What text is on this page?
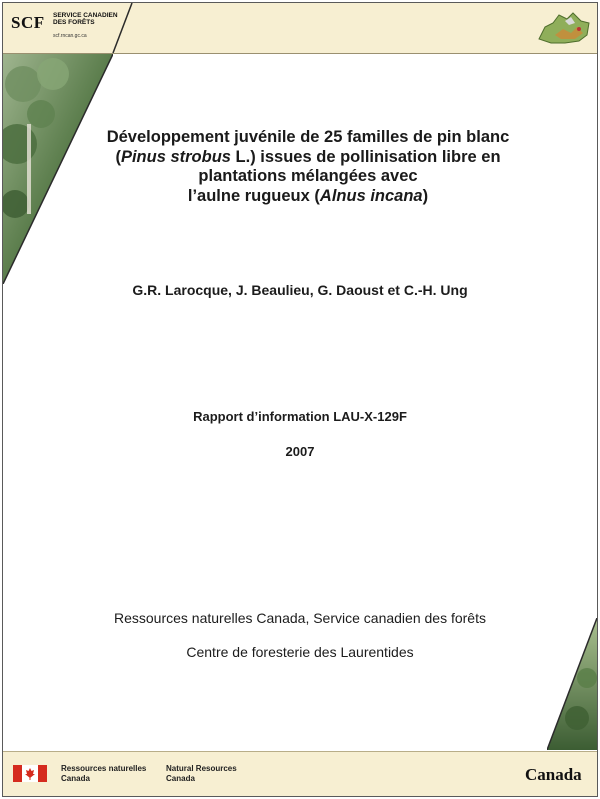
SCF SERVICE CANADIEN
DES FORÊTS
scf.rncan.gc.ca
Développement juvénile de 25 familles de pin blanc
(Pinus strobus L.) issues de pollinisation libre en
plantations mélangées avec
l’aulne rugueux (Alnus incana)
G.R. Larocque, J. Beaulieu, G. Daoust et C.-H. Ung
Rapport d’information LAU-X-129F
2007
Ressources naturelles Canada, Service canadien des forêts
Centre de foresterie des Laurentides
Ressources naturelles
Canada
Natural Resources
Canada	Canada
